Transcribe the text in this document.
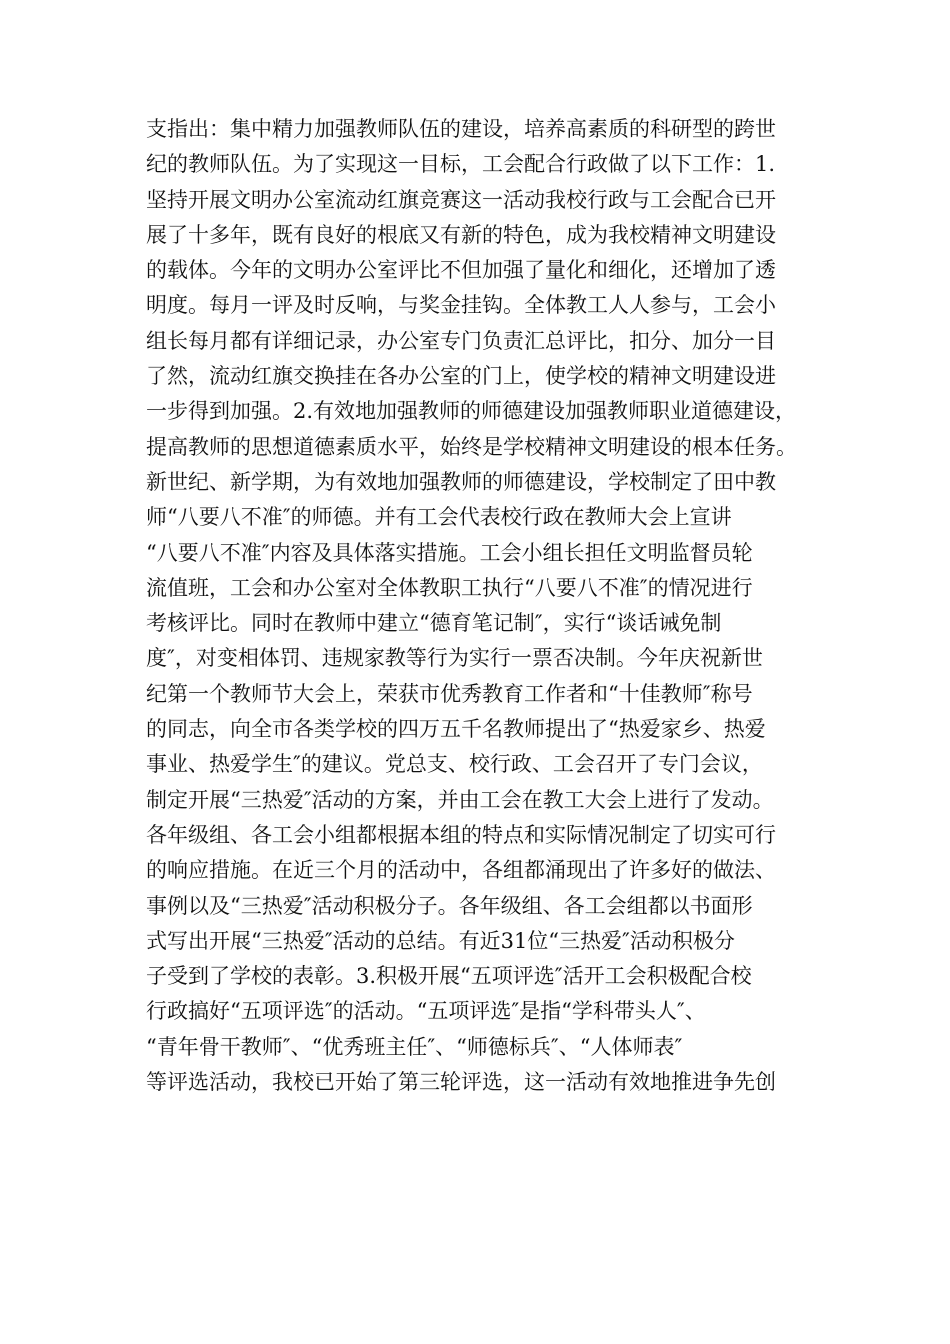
支指出：集中精力加强教师队伍的建设，培养高素质的科研型的跨世
纪的教师队伍。为了实现这一目标，工会配合行政做了以下工作：1.
坚持开展文明办公室流动红旗竞赛这一活动我校行政与工会配合已开
展了十多年，既有良好的根底又有新的特色，成为我校精神文明建设
的载体。今年的文明办公室评比不但加强了量化和细化，还增加了透
明度。每月一评及时反响，与奖金挂钩。全体教工人人参与，工会小
组长每月都有详细记录，办公室专门负责汇总评比，扣分、加分一目
了然，流动红旗交换挂在各办公室的门上，使学校的精神文明建设进
一步得到加强。2.有效地加强教师的师德建设加强教师职业道德建设，
提高教师的思想道德素质水平，始终是学校精神文明建设的根本任务。
新世纪、新学期，为有效地加强教师的师德建设，学校制定了田中教
师“八要八不准″的师德。并有工会代表校行政在教师大会上宣讲
“八要八不准″内容及具体落实措施。工会小组长担任文明监督员轮
流值班，工会和办公室对全体教职工执行“八要八不准″的情况进行
考核评比。同时在教师中建立“德育笔记制″，实行“谈话诫免制
度″，对变相体罚、违规家教等行为实行一票否决制。今年庆祝新世
纪第一个教师节大会上，荣获市优秀教育工作者和“十佳教师″称号
的同志，向全市各类学校的四万五千名教师提出了“热爱家乡、热爱
事业、热爱学生″的建议。党总支、校行政、工会召开了专门会议，
制定开展“三热爱″活动的方案，并由工会在教工大会上进行了发动。
各年级组、各工会小组都根据本组的特点和实际情况制定了切实可行
的响应措施。在近三个月的活动中，各组都涌现出了许多好的做法、
事例以及“三热爱″活动积极分子。各年级组、各工会组都以书面形
式写出开展“三热爱″活动的总结。有近31位“三热爱″活动积极分
子受到了学校的表彰。3.积极开展“五项评选″活开工会积极配合校
行政搞好“五项评选″的活动。“五项评选″是指“学科带头人″、
“青年骨干教师″、“优秀班主任″、“师德标兵″、“人体师表″
等评选活动，我校已开始了第三轮评选，这一活动有效地推进争先创
